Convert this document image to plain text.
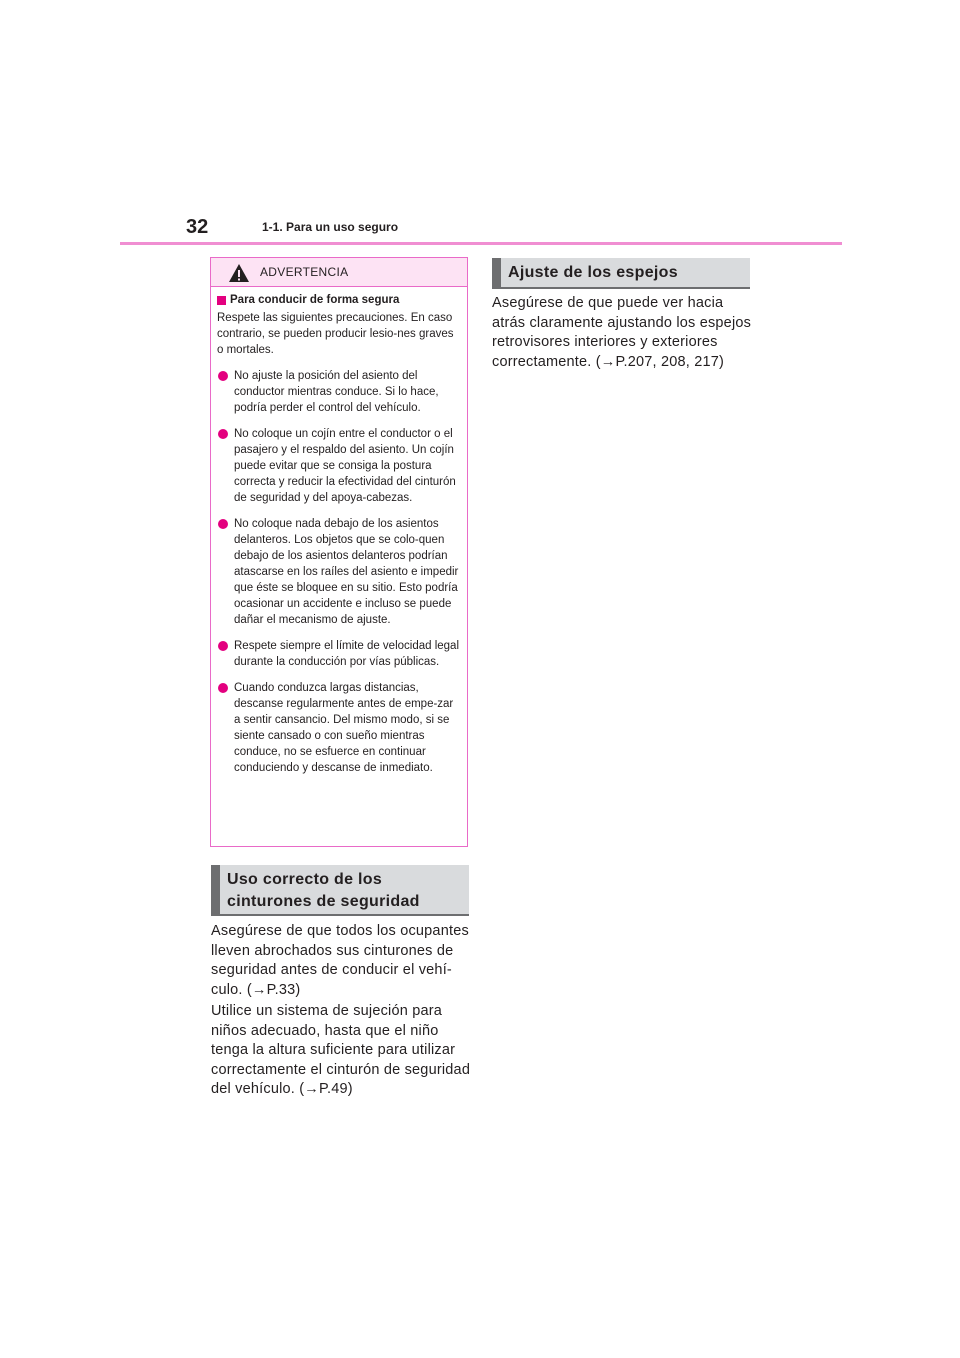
32	1-1. Para un uso seguro
ADVERTENCIA
Para conducir de forma segura

Respete las siguientes precauciones. En caso contrario, se pueden producir lesio-nes graves o mortales.

No ajuste la posición del asiento del conductor mientras conduce. Si lo hace, podría perder el control del vehículo.
No coloque un cojín entre el conductor o el pasajero y el respaldo del asiento. Un cojín puede evitar que se consiga la postura correcta y reducir la efectividad del cinturón de seguridad y del apoya-cabezas.
No coloque nada debajo de los asientos delanteros. Los objetos que se colo-quen debajo de los asientos delanteros podrían atascarse en los raíles del asiento e impedir que éste se bloquee en su sitio. Esto podría ocasionar un accidente e incluso se puede dañar el mecanismo de ajuste.
Respete siempre el límite de velocidad legal durante la conducción por vías públicas.
Cuando conduzca largas distancias, descanse regularmente antes de empe-zar a sentir cansancio. Del mismo modo, si se siente cansado o con sueño mientras conduce, no se esfuerce en continuar conduciendo y descanse de inmediato.
Uso correcto de los cinturones de seguridad

Asegúrese de que todos los ocupantes lleven abrochados sus cinturones de seguridad antes de conducir el vehí-culo. (→P.33)

Utilice un sistema de sujeción para niños adecuado, hasta que el niño tenga la altura suficiente para utilizar correctamente el cinturón de seguridad del vehículo. (→P.49)

Ajuste de los espejos

Asegúrese de que puede ver hacia atrás claramente ajustando los espejos retrovisores interiores y exteriores correctamente. (→P.207, 208, 217)
